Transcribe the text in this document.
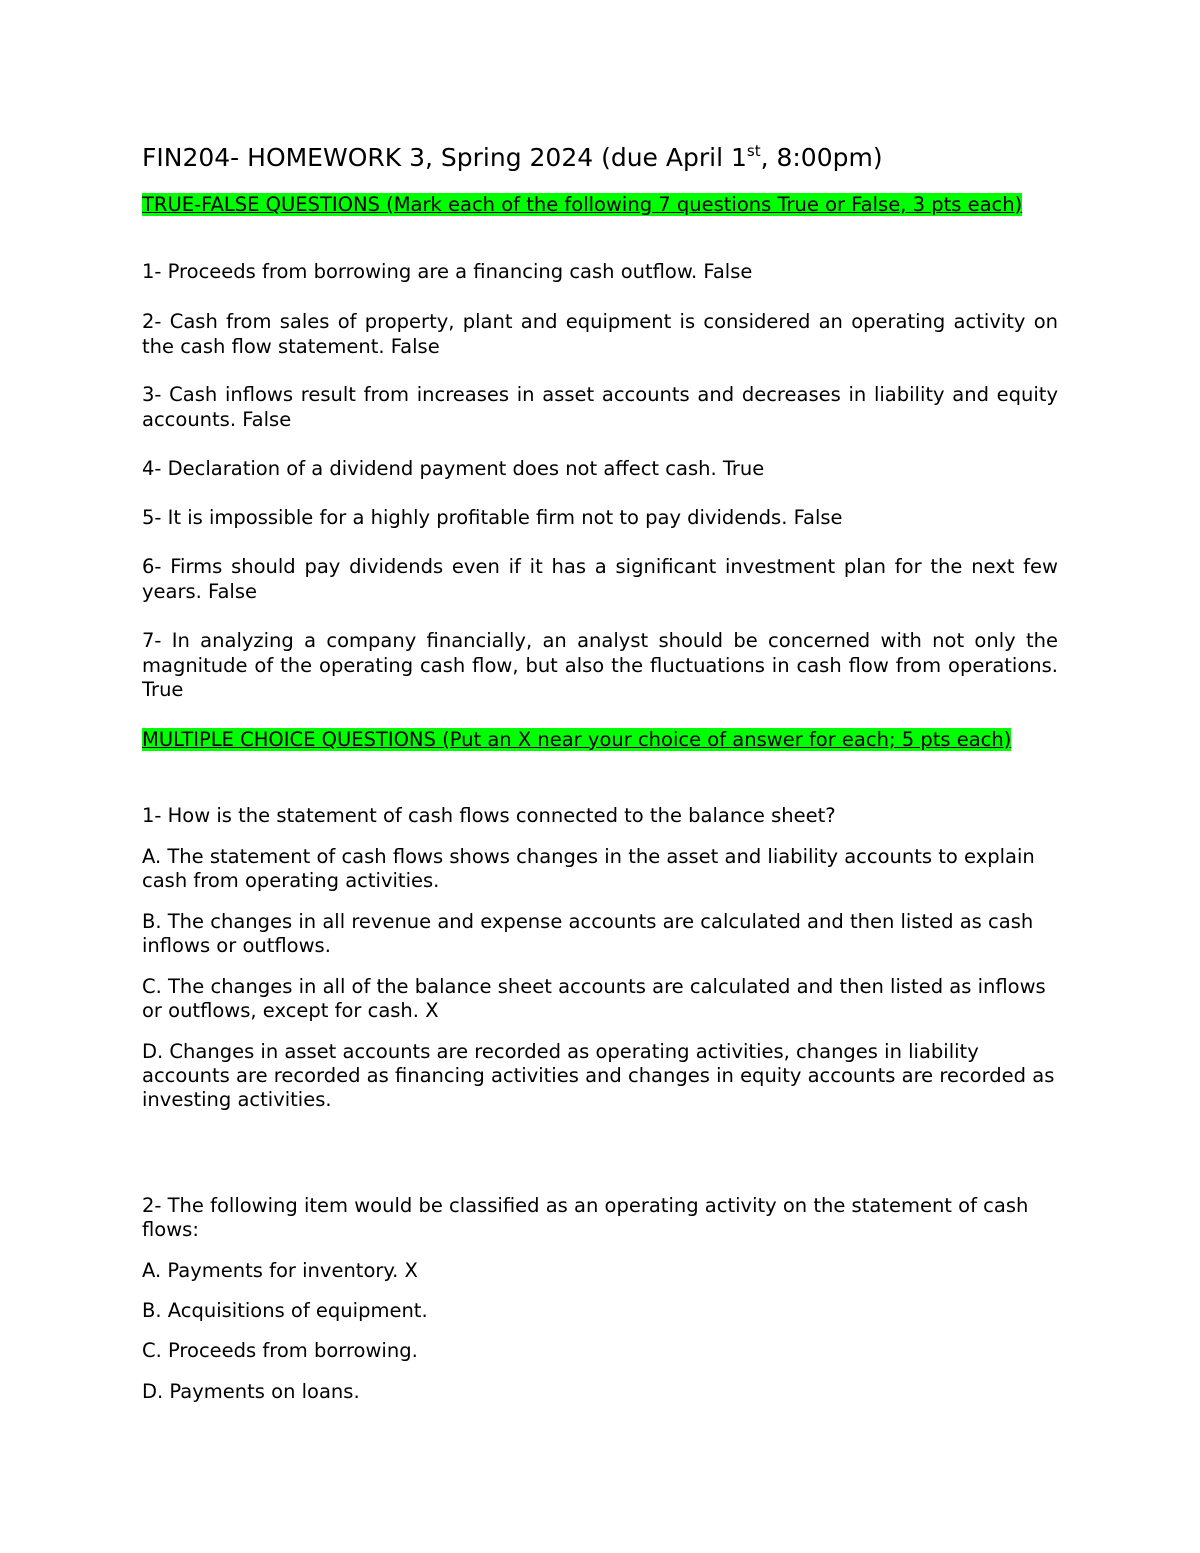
FIN204- HOMEWORK 3, Spring 2024 (due April 1st, 8:00pm)
TRUE-FALSE QUESTIONS (Mark each of the following 7 questions True or False, 3 pts each)
1- Proceeds from borrowing are a financing cash outflow. False
2- Cash from sales of property, plant and equipment is considered an operating activity on the cash flow statement. False
3- Cash inflows result from increases in asset accounts and decreases in liability and equity accounts. False
4- Declaration of a dividend payment does not affect cash. True
5- It is impossible for a highly profitable firm not to pay dividends. False
6- Firms should pay dividends even if it has a significant investment plan for the next few years. False
7- In analyzing a company financially, an analyst should be concerned with not only the magnitude of the operating cash flow, but also the fluctuations in cash flow from operations. True
MULTIPLE CHOICE QUESTIONS (Put an X near your choice of answer for each; 5 pts each)
1- How is the statement of cash flows connected to the balance sheet?
A. The statement of cash flows shows changes in the asset and liability accounts to explain cash from operating activities.
B. The changes in all revenue and expense accounts are calculated and then listed as cash inflows or outflows.
C. The changes in all of the balance sheet accounts are calculated and then listed as inflows or outflows, except for cash. X
D. Changes in asset accounts are recorded as operating activities, changes in liability accounts are recorded as financing activities and changes in equity accounts are recorded as investing activities.
2- The following item would be classified as an operating activity on the statement of cash flows:
A. Payments for inventory. X
B. Acquisitions of equipment.
C. Proceeds from borrowing.
D. Payments on loans.
